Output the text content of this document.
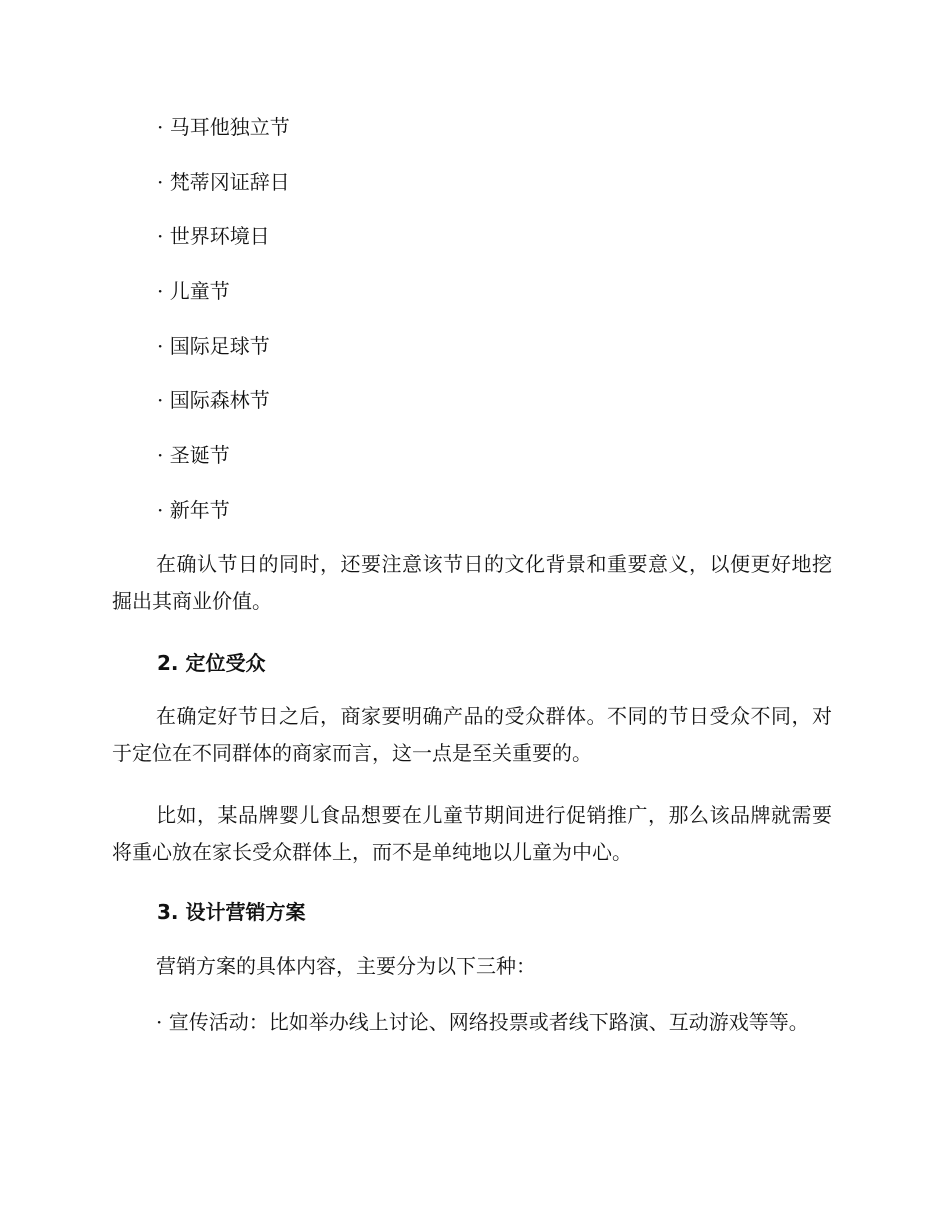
· 马耳他独立节
· 梵蒂冈证辞日
· 世界环境日
· 儿童节
· 国际足球节
· 国际森林节
· 圣诞节
· 新年节

在确认节日的同时，还要注意该节日的文化背景和重要意义，以便更好地挖掘出其商业价值。

2. 定位受众

在确定好节日之后，商家要明确产品的受众群体。不同的节日受众不同，对于定位在不同群体的商家而言，这一点是至关重要的。

比如，某品牌婴儿食品想要在儿童节期间进行促销推广，那么该品牌就需要将重心放在家长受众群体上，而不是单纯地以儿童为中心。

3. 设计营销方案

营销方案的具体内容，主要分为以下三种：

· 宣传活动：比如举办线上讨论、网络投票或者线下路演、互动游戏等等。
